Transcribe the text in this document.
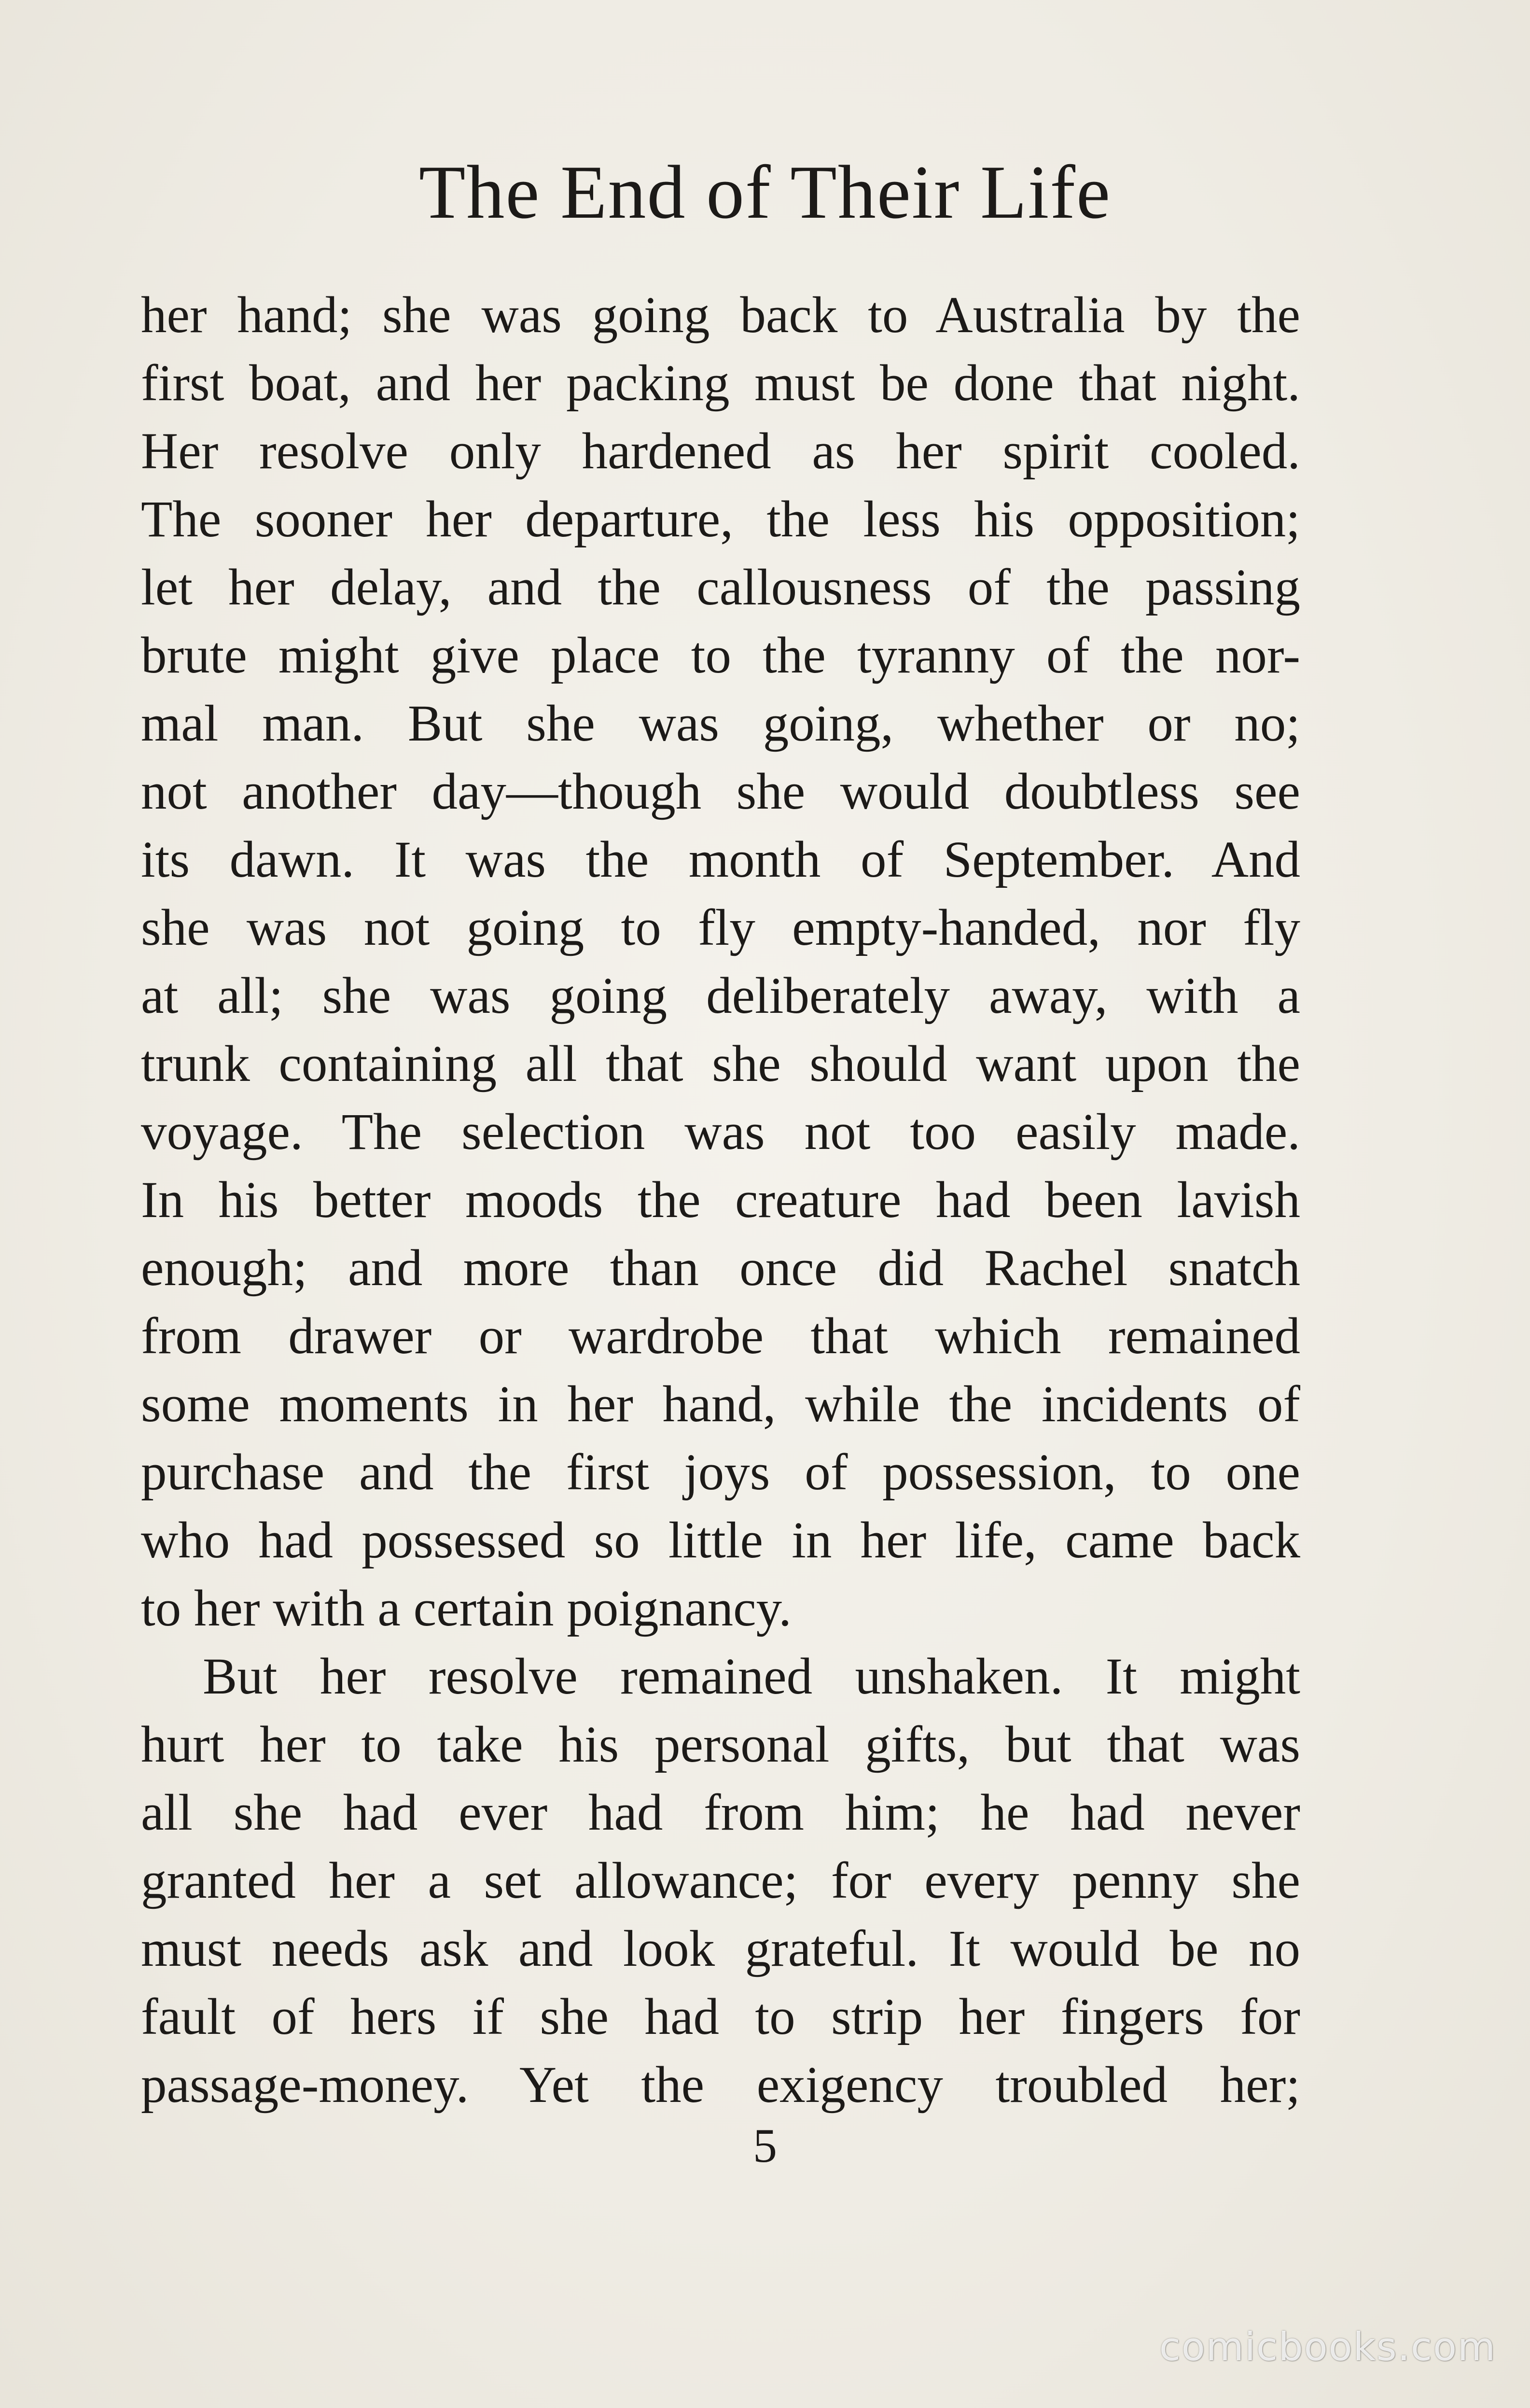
The End of Their Life
her hand; she was going back to Australia by the
first boat, and her packing must be done that night.
Her resolve only hardened as her spirit cooled.
The sooner her departure, the less his opposition;
let her delay, and the callousness of the passing
brute might give place to the tyranny of the nor-
mal man. But she was going, whether or no;
not another day—though she would doubtless see
its dawn. It was the month of September. And
she was not going to fly empty-handed, nor fly
at all; she was going deliberately away, with a
trunk containing all that she should want upon the
voyage. The selection was not too easily made.
In his better moods the creature had been lavish
enough; and more than once did Rachel snatch
from drawer or wardrobe that which remained
some moments in her hand, while the incidents of
purchase and the first joys of possession, to one
who had possessed so little in her life, came back
to her with a certain poignancy.
But her resolve remained unshaken. It might
hurt her to take his personal gifts, but that was
all she had ever had from him; he had never
granted her a set allowance; for every penny she
must needs ask and look grateful. It would be no
fault of hers if she had to strip her fingers for
passage-money. Yet the exigency troubled her;
5
comicbooks.com
